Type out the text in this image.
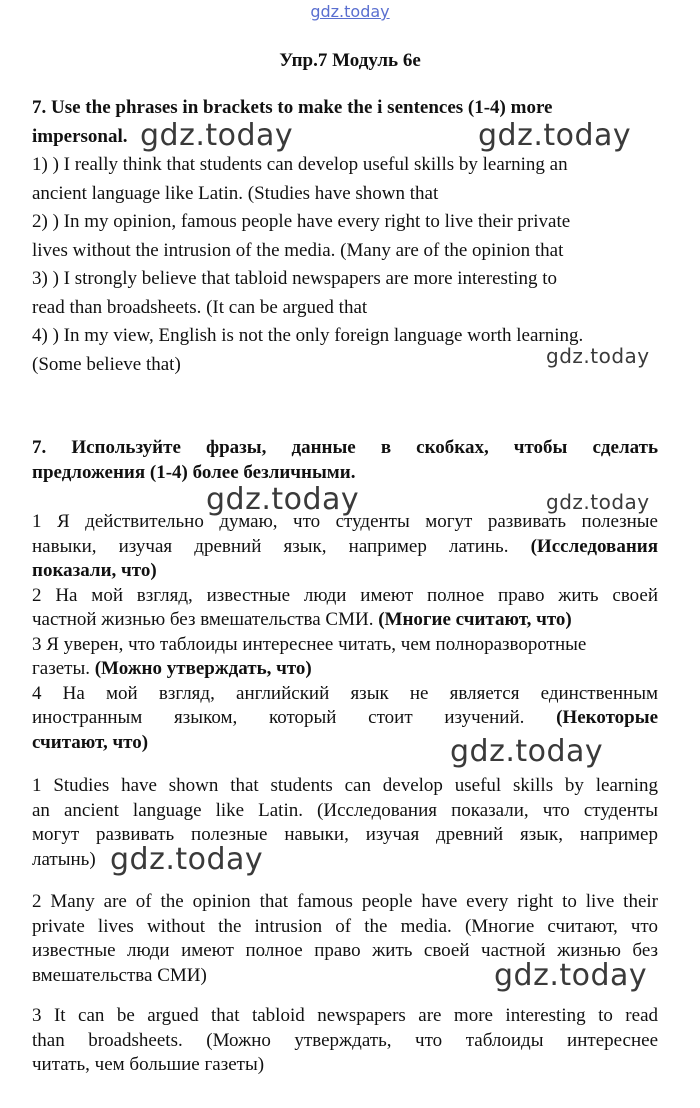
gdz.today
Упр.7 Модуль 6е
7. Use the phrases in brackets to make the i sentences (1-4) more
impersonal.
1) ) I really think that students can develop useful skills by learning an
ancient language like Latin. (Studies have shown that
2) ) In my opinion, famous people have every right to live their private
lives without the intrusion of the media. (Many are of the opinion that
3) ) I strongly believe that tabloid newspapers are more interesting to
read than broadsheets. (It can be argued that
4) ) In my view, English is not the only foreign language worth learning.
(Some believe that)
7. Используйте фразы, данные в скобках, чтобы сделать
предложения (1-4) более безличными.
1 Я действительно думаю, что студенты могут развивать полезные
навыки, изучая древний язык, например латинь. (Исследования
показали, что)
2 На мой взгляд, известные люди имеют полное право жить своей
частной жизнью без вмешательства СМИ. (Многие считают, что)
3 Я уверен, что таблоиды интереснее читать, чем полноразворотные
газеты. (Можно утверждать, что)
4 На мой взгляд, английский язык не является единственным
иностранным языком, который стоит изучений. (Некоторые
считают, что)
1 Studies have shown that students can develop useful skills by learning
an ancient language like Latin. (Исследования показали, что студенты
могут развивать полезные навыки, изучая древний язык, например
латынь)
2 Many are of the opinion that famous people have every right to live their
private lives without the intrusion of the media. (Многие считают, что
известные люди имеют полное право жить своей частной жизнью без
вмешательства СМИ)
3 It can be argued that tabloid newspapers are more interesting to read
than broadsheets. (Можно утверждать, что таблоиды интереснее
читать, чем большие газеты)
gdz.today	gdz.today
gdz.today
gdz.today	gdz.today
gdz.today
gdz.today
gdz.today
